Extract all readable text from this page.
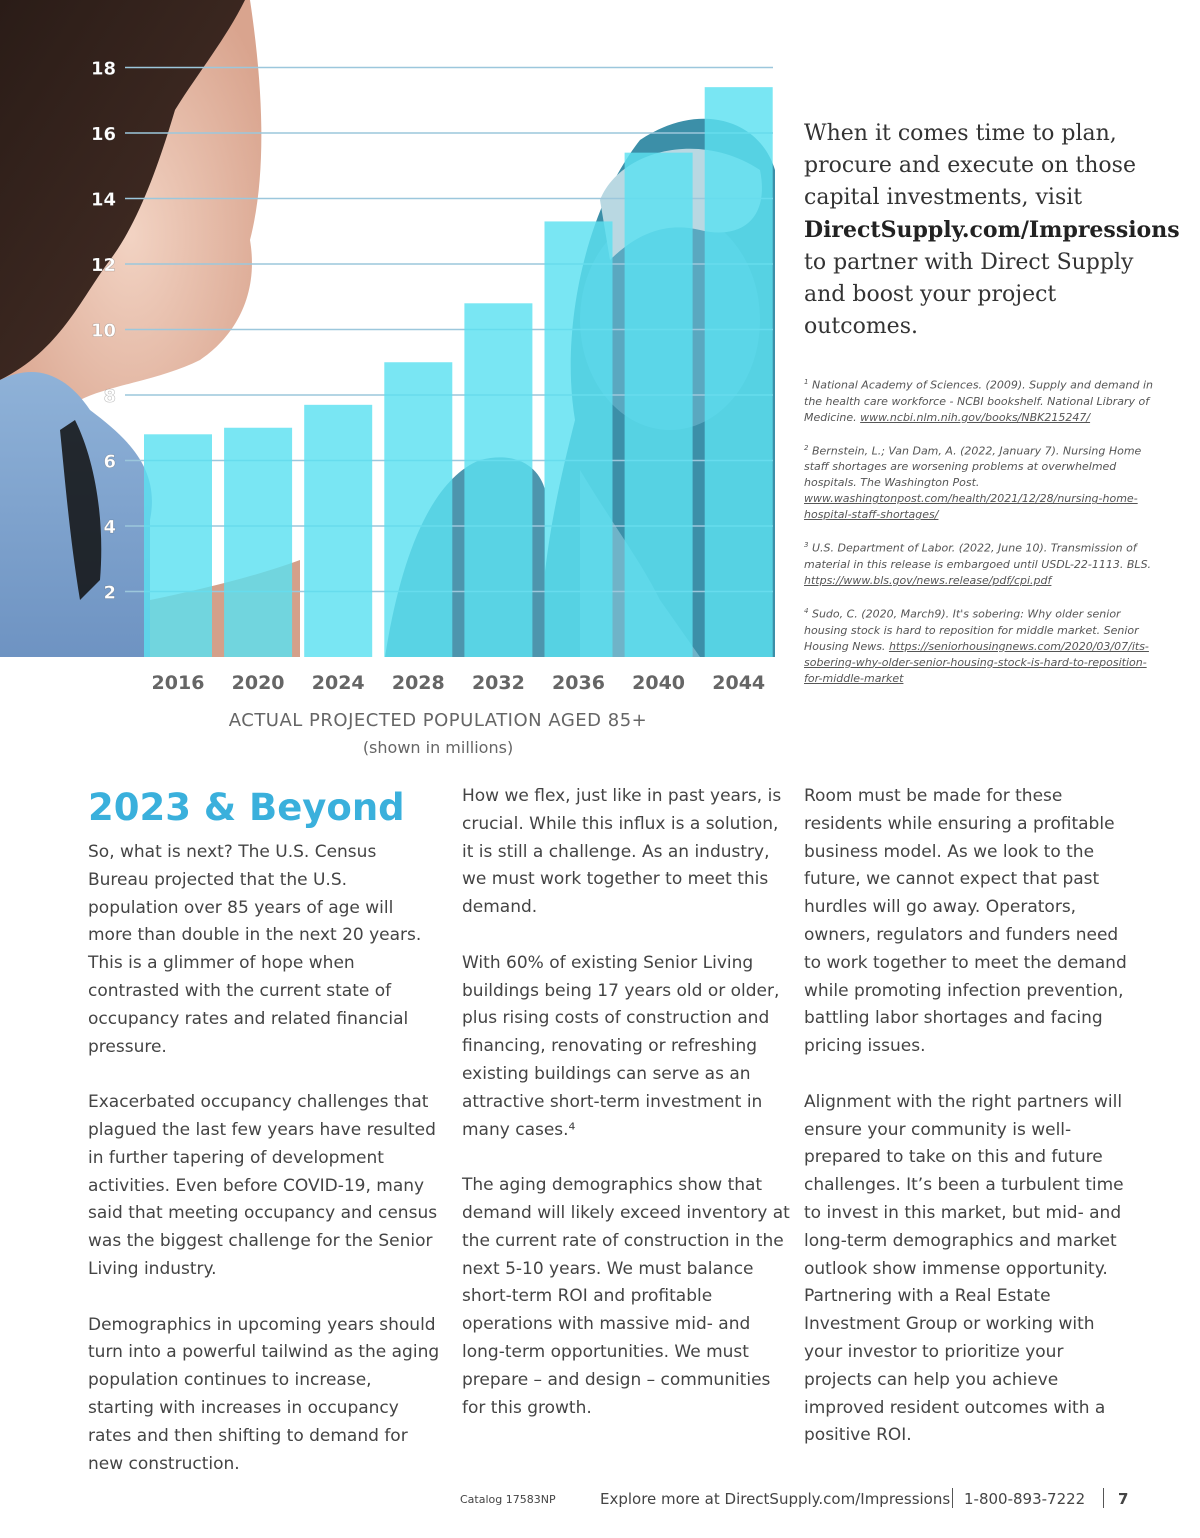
2
4
6
8
10
12
14
16
18
2016 2020 2024 2028 2032 2036 2040 2044
ACTUAL PROJECTED POPULATION AGED 85+
(shown in millions)
When it comes time to plan, procure and execute on those capital investments, visit DirectSupply.com/Impressions to partner with Direct Supply and boost your project outcomes.
$^1$ National Academy of Sciences. (2009). Supply and demand in the health care workforce - NCBI bookshelf. National Library of Medicine. www.ncbi.nlm.nih.gov/books/NBK215247/
$^2$ Bernstein, L.; Van Dam, A. (2022, January 7). Nursing Home staff shortages are worsening problems at overwhelmed hospitals. The Washington Post. www.washingtonpost.com/health/2021/12/28/nursing-home-hospital-staff-shortages/
$^3$ U.S. Department of Labor. (2022, June 10). Transmission of material in this release is embargoed until USDL-22-1113. BLS. https://www.bls.gov/news.release/pdf/cpi.pdf
$^4$ Sudo, C. (2020, March9). It's sobering: Why older senior housing stock is hard to reposition for middle market. Senior Housing News. https://seniorhousingnews.com/2020/03/07/its-sobering-why-older-senior-housing-stock-is-hard-to-reposition-for-middle-market
2023 & Beyond

So, what is next? The U.S. Census Bureau projected that the U.S. population over 85 years of age will more than double in the next 20 years. This is a glimmer of hope when contrasted with the current state of occupancy rates and related financial pressure.

Exacerbated occupancy challenges that plagued the last few years have resulted in further tapering of development activities. Even before COVID-19, many said that meeting occupancy and census was the biggest challenge for the Senior Living industry.

Demographics in upcoming years should turn into a powerful tailwind as the aging population continues to increase, starting with increases in occupancy rates and then shifting to demand for new construction.

How we flex, just like in past years, is crucial. While this influx is a solution, it is still a challenge. As an industry, we must work together to meet this demand.

With 60% of existing Senior Living buildings being 17 years old or older, plus rising costs of construction and financing, renovating or refreshing existing buildings can serve as an attractive short-term investment in many cases.⁴

The aging demographics show that demand will likely exceed inventory at the current rate of construction in the next 5-10 years. We must balance short-term ROI and profitable operations with massive mid- and long-term opportunities. We must prepare – and design – communities for this growth.

Room must be made for these residents while ensuring a profitable business model. As we look to the future, we cannot expect that past hurdles will go away. Operators, owners, regulators and funders need to work together to meet the demand while promoting infection prevention, battling labor shortages and facing pricing issues.

Alignment with the right partners will ensure your community is well-prepared to take on this and future challenges. It’s been a turbulent time to invest in this market, but mid- and long-term demographics and market outlook show immense opportunity. Partnering with a Real Estate Investment Group or working with your investor to prioritize your projects can help you achieve improved resident outcomes with a positive ROI.

Catalog 17583NP	Explore more at DirectSupply.com/Impressions 1-800-893-7222 7
